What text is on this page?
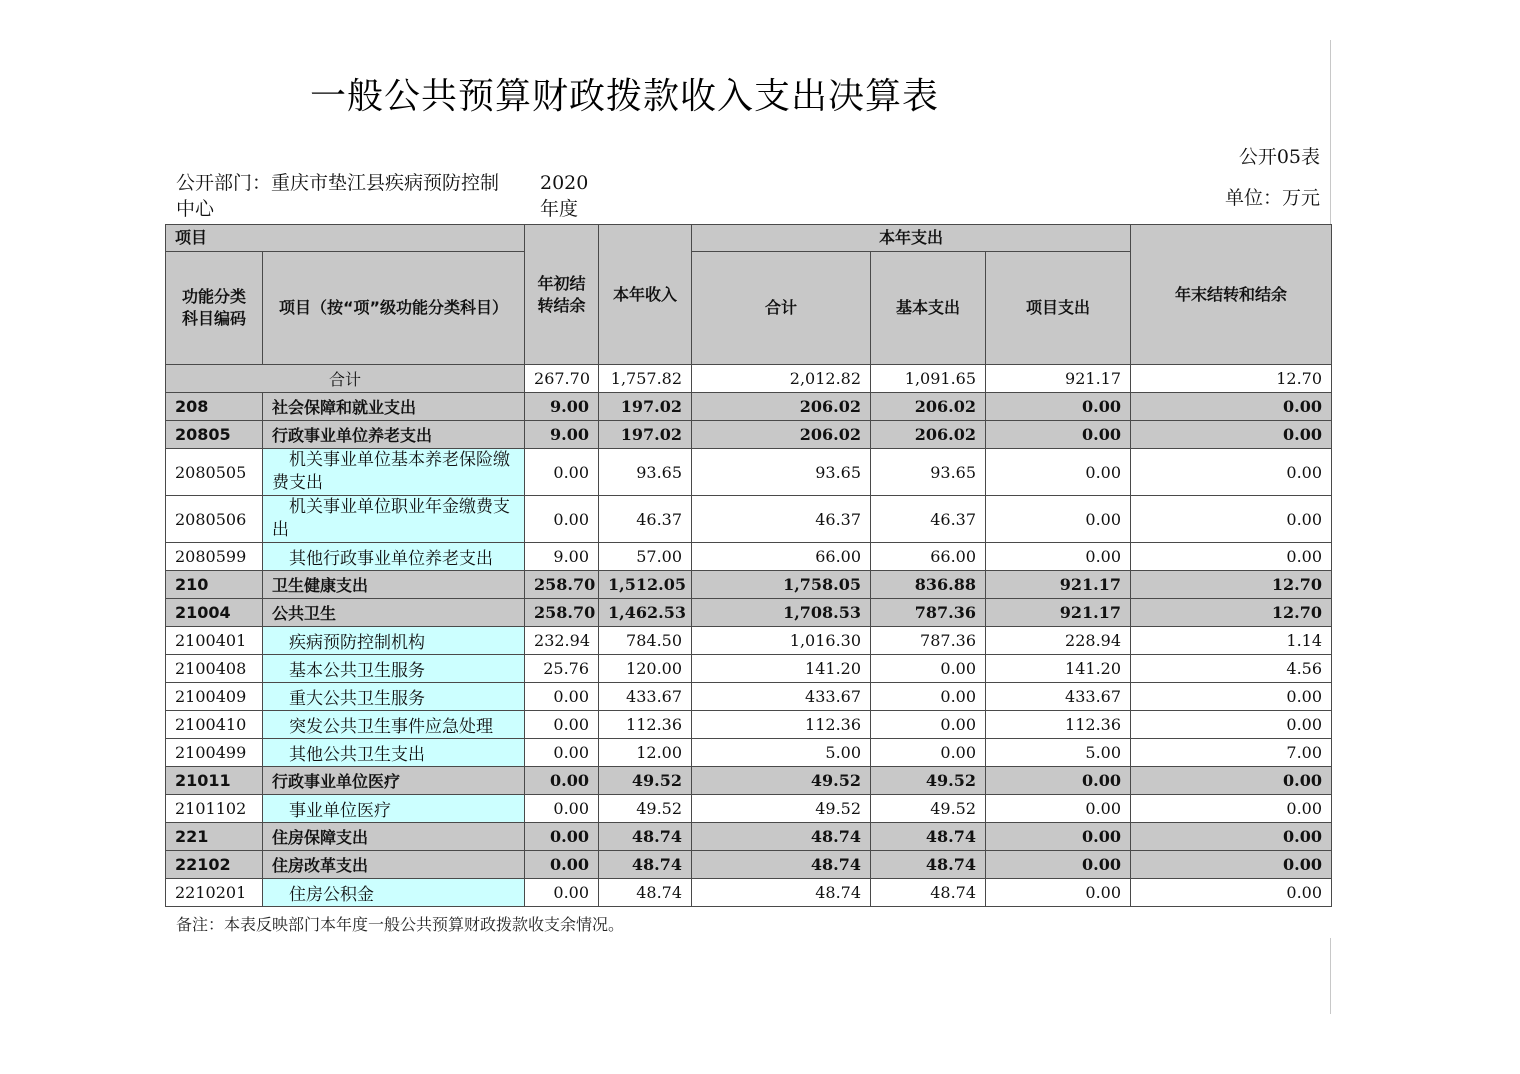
一般公共预算财政拨款收入支出决算表
公开05表
公开部门：重庆市垫江县疾病预防控制中心
2020年度	单位：万元
项目		年初结转结余	本年收入	本年支出			年末结转和结余
功能分类科目编码	项目（按“项”级功能分类科目）			合计	基本支出	项目支出	
合计		267.70	1,757.82	2,012.82	1,091.65	921.17	12.70
208	社会保障和就业支出	9.00	197.02	206.02	206.02	0.00	0.00
20805	行政事业单位养老支出	9.00	197.02	206.02	206.02	0.00	0.00
2080505	机关事业单位基本养老保险缴费支出	0.00	93.65	93.65	93.65	0.00	0.00
2080506	机关事业单位职业年金缴费支出	0.00	46.37	46.37	46.37	0.00	0.00
2080599	其他行政事业单位养老支出	9.00	57.00	66.00	66.00	0.00	0.00
210	卫生健康支出	258.70	1,512.05	1,758.05	836.88	921.17	12.70
21004	公共卫生	258.70	1,462.53	1,708.53	787.36	921.17	12.70
2100401	疾病预防控制机构	232.94	784.50	1,016.30	787.36	228.94	1.14
2100408	基本公共卫生服务	25.76	120.00	141.20	0.00	141.20	4.56
2100409	重大公共卫生服务	0.00	433.67	433.67	0.00	433.67	0.00
2100410	突发公共卫生事件应急处理	0.00	112.36	112.36	0.00	112.36	0.00
2100499	其他公共卫生支出	0.00	12.00	5.00	0.00	5.00	7.00
21011	行政事业单位医疗	0.00	49.52	49.52	49.52	0.00	0.00
2101102	事业单位医疗	0.00	49.52	49.52	49.52	0.00	0.00
221	住房保障支出	0.00	48.74	48.74	48.74	0.00	0.00
22102	住房改革支出	0.00	48.74	48.74	48.74	0.00	0.00
2210201	住房公积金	0.00	48.74	48.74	48.74	0.00	0.00
备注：本表反映部门本年度一般公共预算财政拨款收支余情况。
